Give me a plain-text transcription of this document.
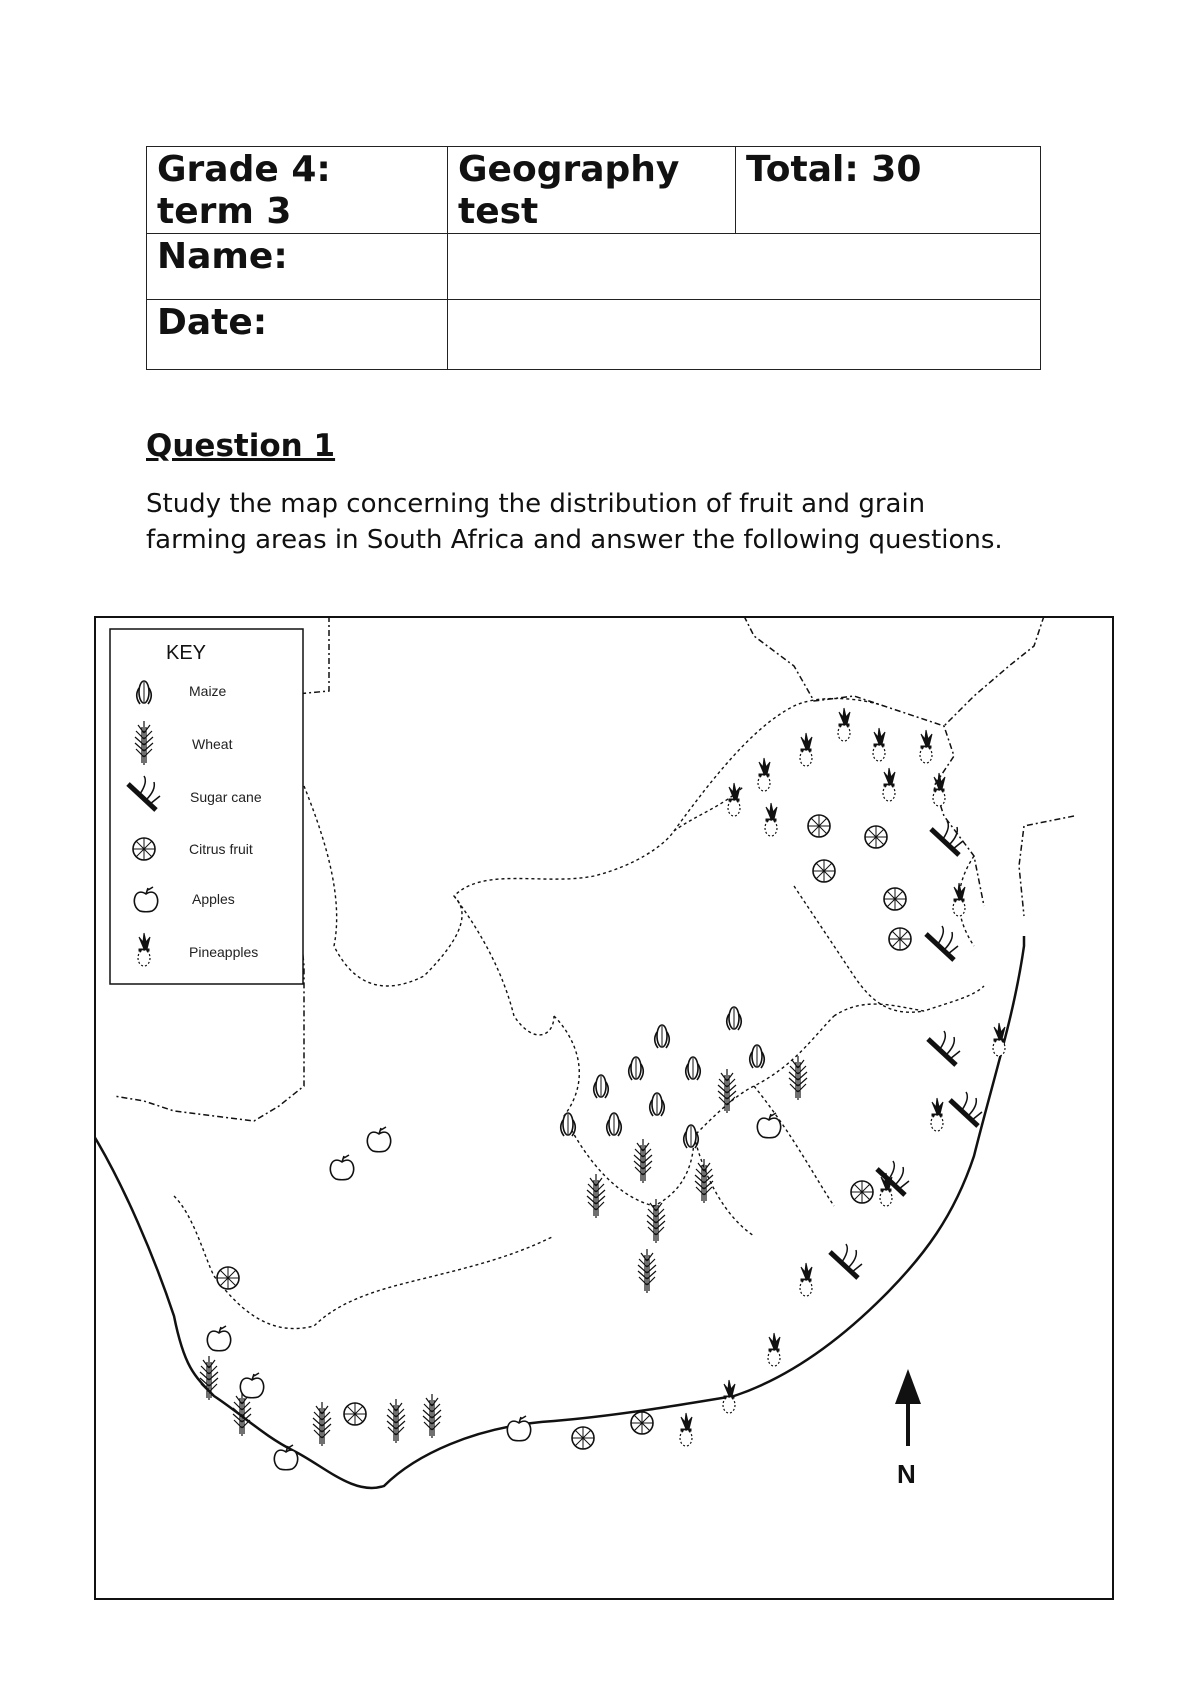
Grade 4: term 3	Geography test	Total: 30
Name:		
Date:		
Question 1

Study the map concerning the distribution of fruit and grain farming areas in South Africa and answer the following questions.

KEY
Maize
Wheat
Sugar cane
Citrus fruit
Apples
Pineapples
N
